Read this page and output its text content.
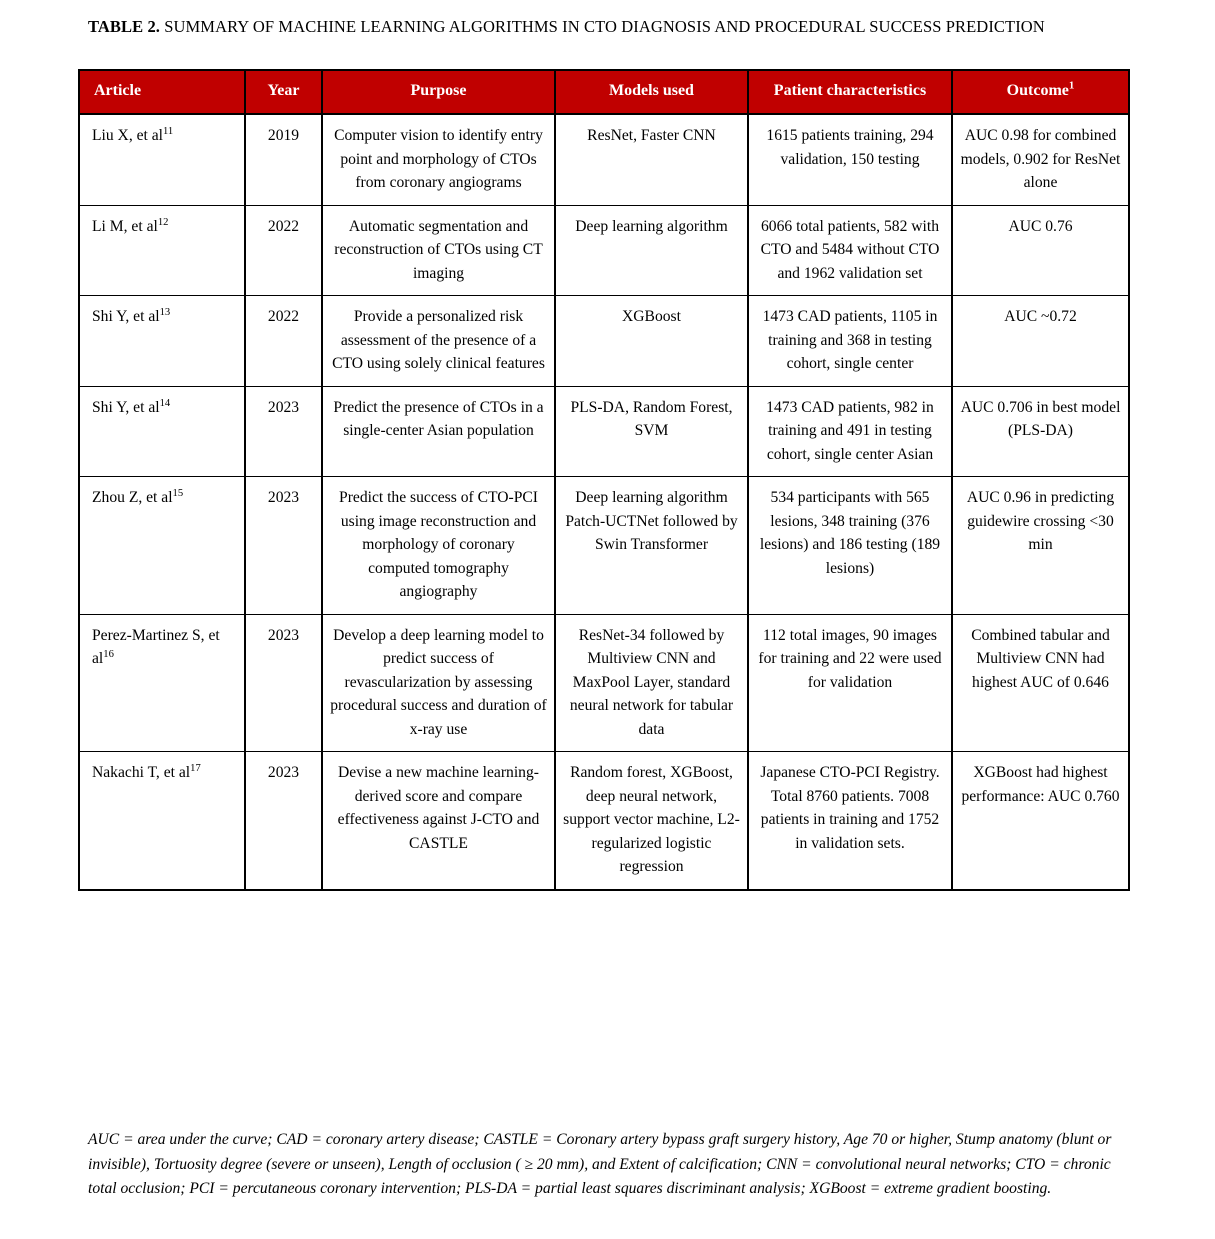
TABLE 2. SUMMARY OF MACHINE LEARNING ALGORITHMS IN CTO DIAGNOSIS AND PROCEDURAL SUCCESS PREDICTION
Article	Year	Purpose	Models used	Patient characteristics	Outcome$^1$
Liu X, et $al^{11}$	2019	Computer vision to identify entry point and morphology of CTOs from coronary angiograms	ResNet, Faster CNN	1615 patients training, 294 validation, 150 testing	AUC 0.98 for combined models, 0.902 for ResNet alone
Li M, et $al^{12}$	2022	Automatic segmentation and reconstruction of CTOs using CT imaging	Deep learning algorithm	6066 total patients, 582 with CTO and 5484 without CTO and 1962 validation set	AUC 0.76
Shi Y, et $al^{13}$	2022	Provide a personalized risk assessment of the presence of a CTO using solely clinical features	XGBoost	1473 CAD patients, 1105 in training and 368 in testing cohort, single center	AUC ~0.72
Shi Y, et $al^{14}$	2023	Predict the presence of CTOs in a single-center Asian population	PLS-DA, Random Forest, SVM	1473 CAD patients, 982 in training and 491 in testing cohort, single center Asian	AUC 0.706 in best model (PLS-DA)
Zhou Z, et $al^{15}$	2023	Predict the success of CTO-PCI using image reconstruction and morphology of coronary computed tomography angiography	Deep learning algorithm Patch-UCTNet followed by Swin Transformer	534 participants with 565 lesions, 348 training (376 lesions) and 186 testing (189 lesions)	AUC 0.96 in predicting guidewire crossing <30 min
Perez-Martinez S, et $al^{16}$	2023	Develop a deep learning model to predict success of revascularization by assessing procedural success and duration of x-ray use	ResNet-34 followed by Multiview CNN and MaxPool Layer, standard neural network for tabular data	112 total images, 90 images for training and 22 were used for validation	Combined tabular and Multiview CNN had highest AUC of 0.646
Nakachi T, et $al^{17}$	2023	Devise a new machine learning-derived score and compare effectiveness against J-CTO and CASTLE	Random forest, XGBoost, deep neural network, support vector machine, L2-regularized logistic regression	Japanese CTO-PCI Registry. Total 8760 patients. 7008 patients in training and 1752 in validation sets.	XGBoost had highest performance: AUC 0.760
AUC = area under the curve; CAD = coronary artery disease; CASTLE = Coronary artery bypass graft surgery history, Age 70 or higher, Stump anatomy (blunt or invisible), Tortuosity degree (severe or unseen), Length of occlusion ( ≥ 20 mm), and Extent of calcification; CNN = convolutional neural networks; CTO = chronic total occlusion; PCI = percutaneous coronary intervention; PLS-DA = partial least squares discriminant analysis; XGBoost = extreme gradient boosting.
